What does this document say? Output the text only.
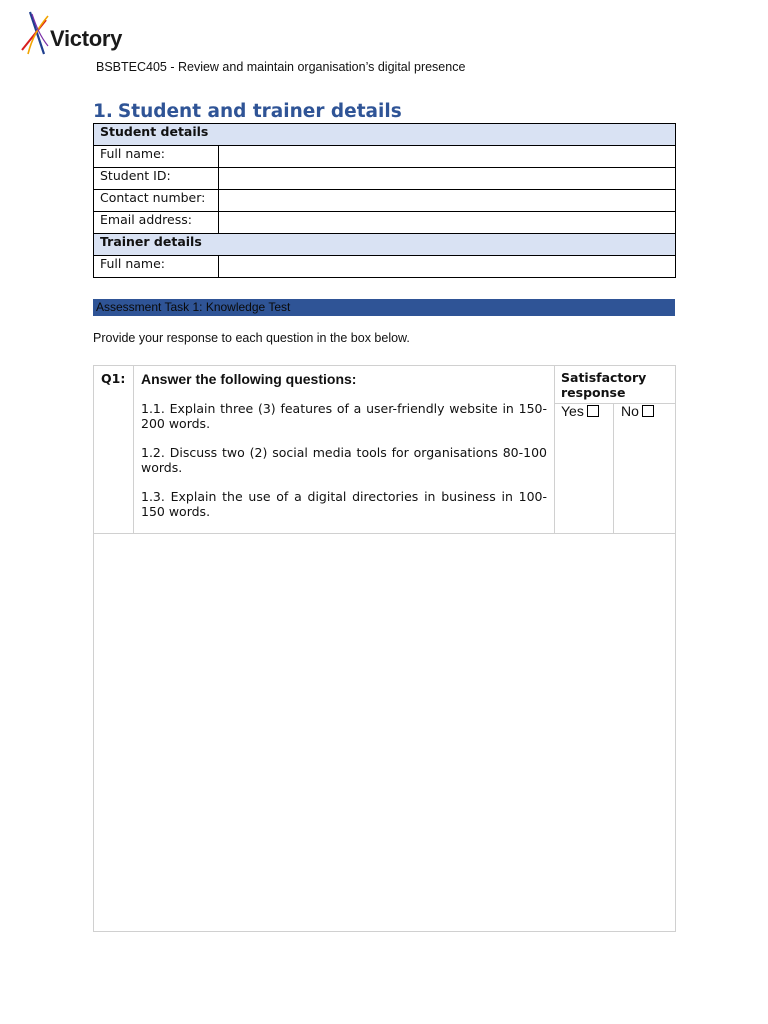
Victory
BSBTEC405 - Review and maintain organisation’s digital presence
1. Student and trainer details
Student details	
Full name:	
Student ID:	
Contact number:	
Email address:	
Trainer details	
Full name:	
Assessment Task 1: Knowledge Test
Provide your response to each question in the box below.
Q1: Answer the following questions:

1.1. Explain three (3) features of a user-friendly website in 150-200 words.

1.2. Discuss two (2) social media tools for organisations 80-100 words.

1.3. Explain the use of a digital directories in business in 100-150 words.

Satisfactory response
Yes	No
